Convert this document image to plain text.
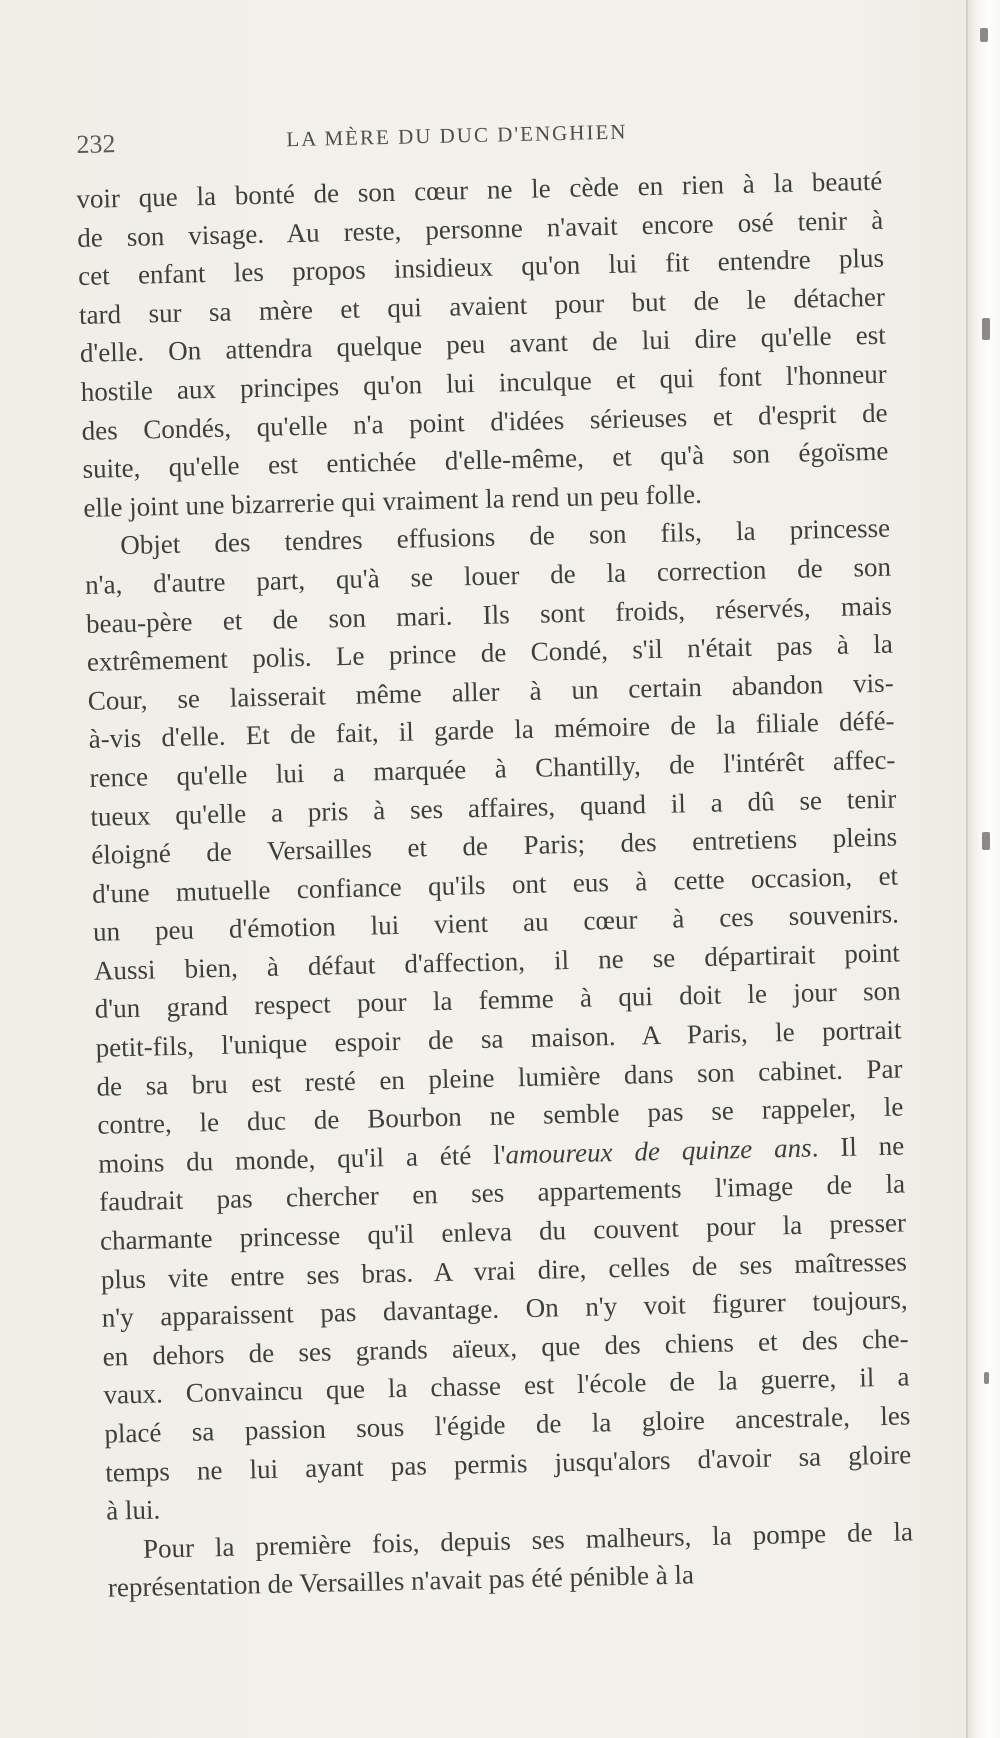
232	LA MÈRE DU DUC D'ENGHIEN
voir que la bonté de son cœur ne le cède en rien à la beauté
de son visage. Au reste, personne n'avait encore osé tenir à
cet enfant les propos insidieux qu'on lui fit entendre plus
tard sur sa mère et qui avaient pour but de le détacher
d'elle. On attendra quelque peu avant de lui dire qu'elle est
hostile aux principes qu'on lui inculque et qui font l'honneur
des Condés, qu'elle n'a point d'idées sérieuses et d'esprit de
suite, qu'elle est entichée d'elle-même, et qu'à son égoïsme
elle joint une bizarrerie qui vraiment la rend un peu folle.
Objet des tendres effusions de son fils, la princesse
n'a, d'autre part, qu'à se louer de la correction de son
beau-père et de son mari. Ils sont froids, réservés, mais
extrêmement polis. Le prince de Condé, s'il n'était pas à la
Cour, se laisserait même aller à un certain abandon vis-
à-vis d'elle. Et de fait, il garde la mémoire de la filiale défé-
rence qu'elle lui a marquée à Chantilly, de l'intérêt affec-
tueux qu'elle a pris à ses affaires, quand il a dû se tenir
éloigné de Versailles et de Paris; des entretiens pleins
d'une mutuelle confiance qu'ils ont eus à cette occasion, et
un peu d'émotion lui vient au cœur à ces souvenirs.
Aussi bien, à défaut d'affection, il ne se départirait point
d'un grand respect pour la femme à qui doit le jour son
petit-fils, l'unique espoir de sa maison. A Paris, le portrait
de sa bru est resté en pleine lumière dans son cabinet. Par
contre, le duc de Bourbon ne semble pas se rappeler, le
moins du monde, qu'il a été l'amoureux de quinze ans. Il ne
faudrait pas chercher en ses appartements l'image de la
charmante princesse qu'il enleva du couvent pour la presser
plus vite entre ses bras. A vrai dire, celles de ses maîtresses
n'y apparaissent pas davantage. On n'y voit figurer toujours,
en dehors de ses grands aïeux, que des chiens et des che-
vaux. Convaincu que la chasse est l'école de la guerre, il a
placé sa passion sous l'égide de la gloire ancestrale, les
temps ne lui ayant pas permis jusqu'alors d'avoir sa gloire
à lui.
Pour la première fois, depuis ses malheurs, la pompe de la
représentation de Versailles n'avait pas été pénible à la
